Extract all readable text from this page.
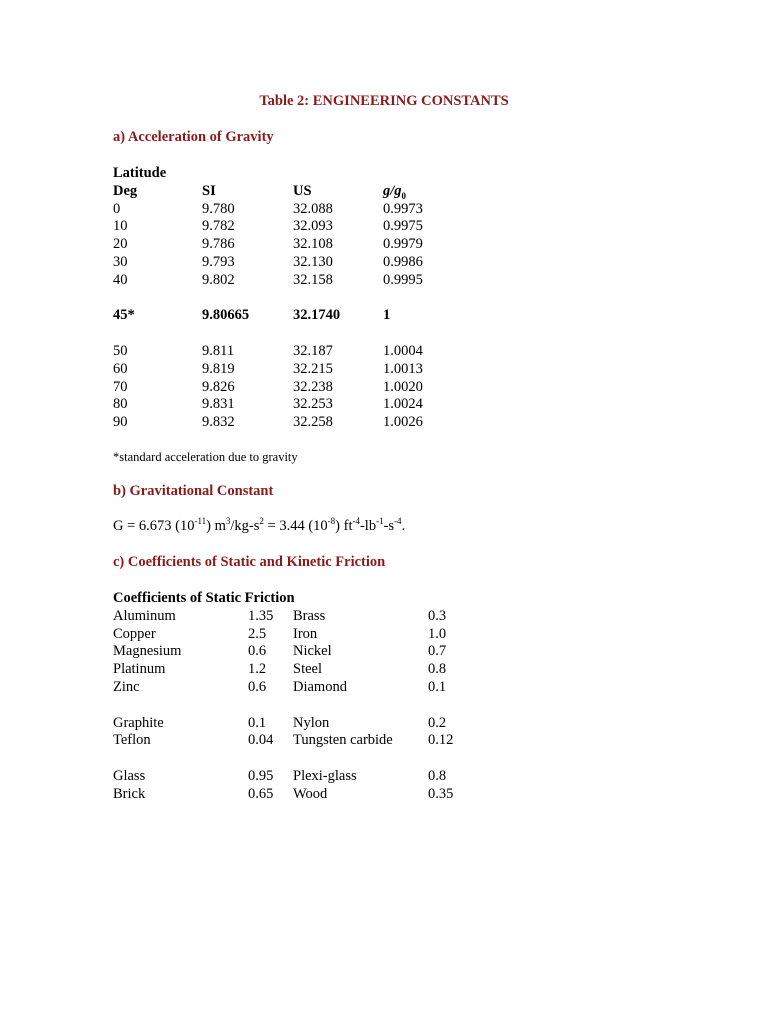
Table 2: ENGINEERING CONSTANTS
a) Acceleration of Gravity
Latitude
Deg	SI	US	$g/g_0$
0	9.780	32.088	0.9973
10	9.782	32.093	0.9975
20	9.786	32.108	0.9979
30	9.793	32.130	0.9986
40	9.802	32.158	0.9995
45*	9.80665	32.1740	1
50	9.811	32.187	1.0004
60	9.819	32.215	1.0013
70	9.826	32.238	1.0020
80	9.831	32.253	1.0024
90	9.832	32.258	1.0026
*standard acceleration due to gravity
b) Gravitational Constant
G = 6.673 $(10^{-11}) m^3/kg-s^2 = 3.44$ $(10^{-8})$ $ft^{-4}-lb^{-1}-s^{-4}$.
c) Coefficients of Static and Kinetic Friction
Coefficients of Static Friction
Aluminum	1.35 Brass	0.3
Copper	2.5 Iron	1.0
Magnesium	0.6 Nickel	0.7
Platinum	1.2 Steel	0.8
Zinc	0.6 Diamond	0.1
Graphite	0.1 Nylon	0.2
Teflon	0.04 Tungsten carbide 0.12
Glass	0.95 Plexi-glass	0.8
Brick	0.65 Wood	0.35
